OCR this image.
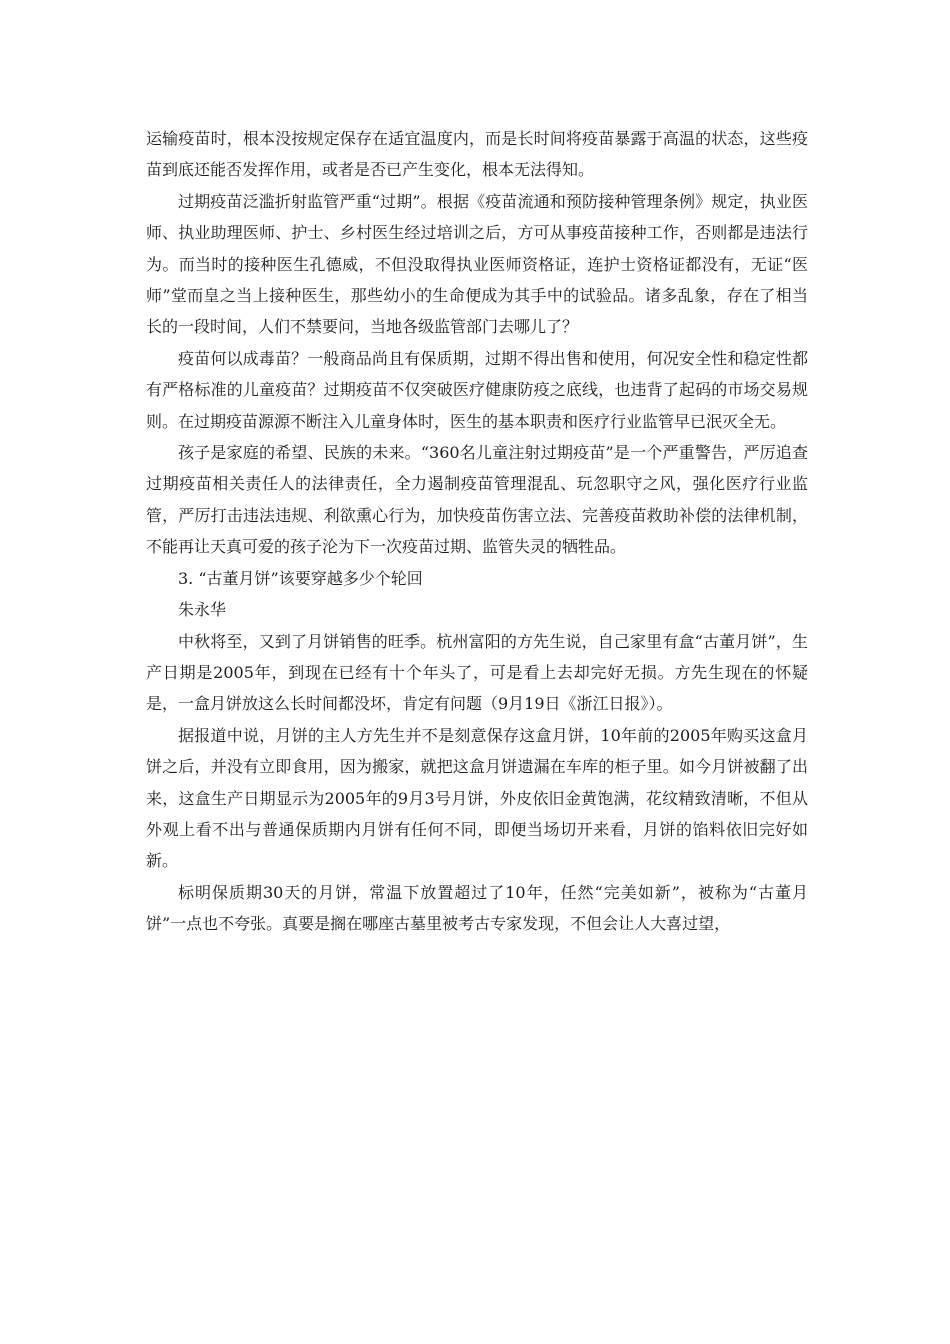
运输疫苗时，根本没按规定保存在适宜温度内，而是长时间将疫苗暴露于高温的状态，这些疫苗到底还能否发挥作用，或者是否已产生变化，根本无法得知。

过期疫苗泛滥折射监管严重“过期”。根据《疫苗流通和预防接种管理条例》规定，执业医师、执业助理医师、护士、乡村医生经过培训之后，方可从事疫苗接种工作，否则都是违法行为。而当时的接种医生孔德威，不但没取得执业医师资格证，连护士资格证都没有，无证“医师”堂而皇之当上接种医生，那些幼小的生命便成为其手中的试验品。诸多乱象，存在了相当长的一段时间，人们不禁要问，当地各级监管部门去哪儿了？

疫苗何以成毒苗？一般商品尚且有保质期，过期不得出售和使用，何况安全性和稳定性都有严格标准的儿童疫苗？过期疫苗不仅突破医疗健康防疫之底线，也违背了起码的市场交易规则。在过期疫苗源源不断注入儿童身体时，医生的基本职责和医疗行业监管早已泯灭全无。

孩子是家庭的希望、民族的未来。“360名儿童注射过期疫苗”是一个严重警告，严厉追查过期疫苗相关责任人的法律责任，全力遏制疫苗管理混乱、玩忽职守之风，强化医疗行业监管，严厉打击违法违规、利欲熏心行为，加快疫苗伤害立法、完善疫苗救助补偿的法律机制，不能再让天真可爱的孩子沦为下一次疫苗过期、监管失灵的牺牲品。

3. “古董月饼”该要穿越多少个轮回

朱永华

中秋将至，又到了月饼销售的旺季。杭州富阳的方先生说，自己家里有盒“古董月饼”，生产日期是2005年，到现在已经有十个年头了，可是看上去却完好无损。方先生现在的怀疑是，一盒月饼放这么长时间都没坏，肯定有问题（9月19日《浙江日报》）。

据报道中说，月饼的主人方先生并不是刻意保存这盒月饼，10年前的2005年购买这盒月饼之后，并没有立即食用，因为搬家，就把这盒月饼遗漏在车库的柜子里。如今月饼被翻了出来，这盒生产日期显示为2005年的9月3号月饼，外皮依旧金黄饱满，花纹精致清晰，不但从外观上看不出与普通保质期内月饼有任何不同，即便当场切开来看，月饼的馅料依旧完好如新。

标明保质期30天的月饼，常温下放置超过了10年，任然“完美如新”，被称为“古董月饼”一点也不夸张。真要是搁在哪座古墓里被考古专家发现，不但会让人大喜过望，
